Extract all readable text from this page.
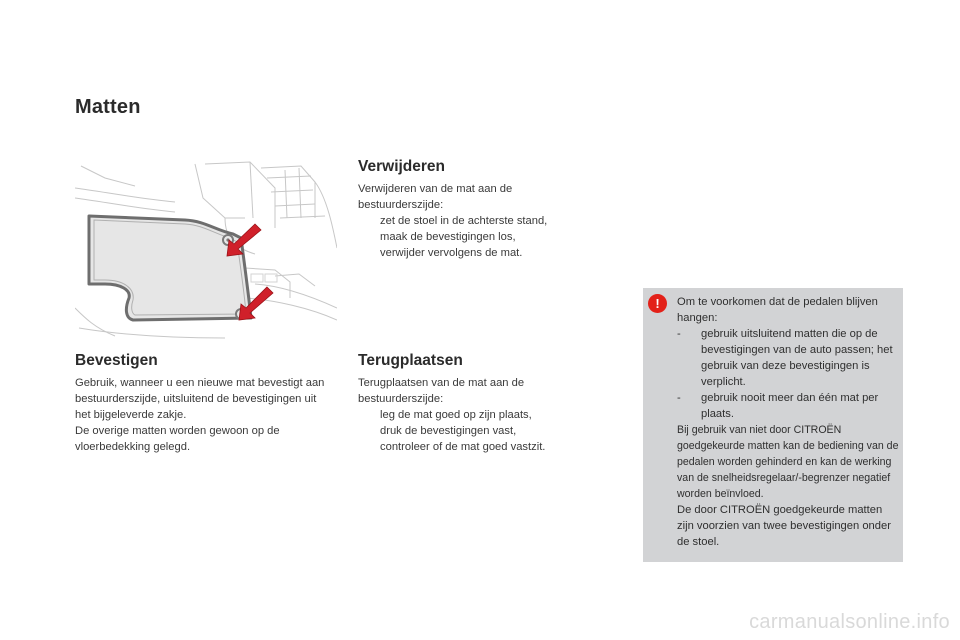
Matten
Verwijderen

Verwijderen van de mat aan de bestuurderszijde:

zet de stoel in de achterste stand,
maak de bevestigingen los,
verwijder vervolgens de mat.
Bevestigen

Gebruik, wanneer u een nieuwe mat bevestigt aan bestuurderszijde, uitsluitend de bevestigingen uit het bijgeleverde zakje.

De overige matten worden gewoon op de vloerbedekking gelegd.

Terugplaatsen

Terugplaatsen van de mat aan de bestuurderszijde:

leg de mat goed op zijn plaats,
druk de bevestigingen vast,
controleer of de mat goed vastzit.
!	Om te voorkomen dat de pedalen blijven hangen:

- gebruik uitsluitend matten die op de bevestigingen van de auto passen; het gebruik van deze bevestigingen is verplicht.
- gebruik nooit meer dan één mat per plaats.

Bij gebruik van niet door CITROËN goedgekeurde matten kan de bediening van de pedalen worden gehinderd en kan de werking van de snelheidsregelaar/-begrenzer negatief worden beïnvloed.

De door CITROËN goedgekeurde matten zijn voorzien van twee bevestigingen onder de stoel.

carmanualsonline.info
